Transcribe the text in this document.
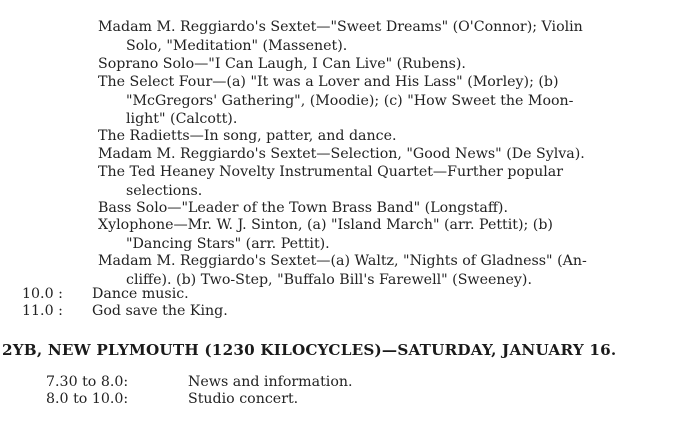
Madam M. Reggiardo's Sextet—"Sweet Dreams" (O'Connor); Violin
Solo, "Meditation" (Massenet).
Soprano Solo—"I Can Laugh, I Can Live" (Rubens).
The Select Four—(a) "It was a Lover and His Lass" (Morley); (b)
"McGregors' Gathering", (Moodie); (c) "How Sweet the Moon-
light" (Calcott).
The Radietts—In song, patter, and dance.
Madam M. Reggiardo's Sextet—Selection, "Good News" (De Sylva).
The Ted Heaney Novelty Instrumental Quartet—Further popular
selections.
Bass Solo—"Leader of the Town Brass Band" (Longstaff).
Xylophone—Mr. W. J. Sinton, (a) "Island March" (arr. Pettit); (b)
"Dancing Stars" (arr. Pettit).
Madam M. Reggiardo's Sextet—(a) Waltz, "Nights of Gladness" (An-
cliffe). (b) Two-Step, "Buffalo Bill's Farewell" (Sweeney).
10.0 : Dance music.
11.0 : God save the King.
2YB, NEW PLYMOUTH (1230 KILOCYCLES)—SATURDAY, JANUARY 16.
7.30 to 8.0:	News and information.
8.0 to 10.0:	Studio concert.
